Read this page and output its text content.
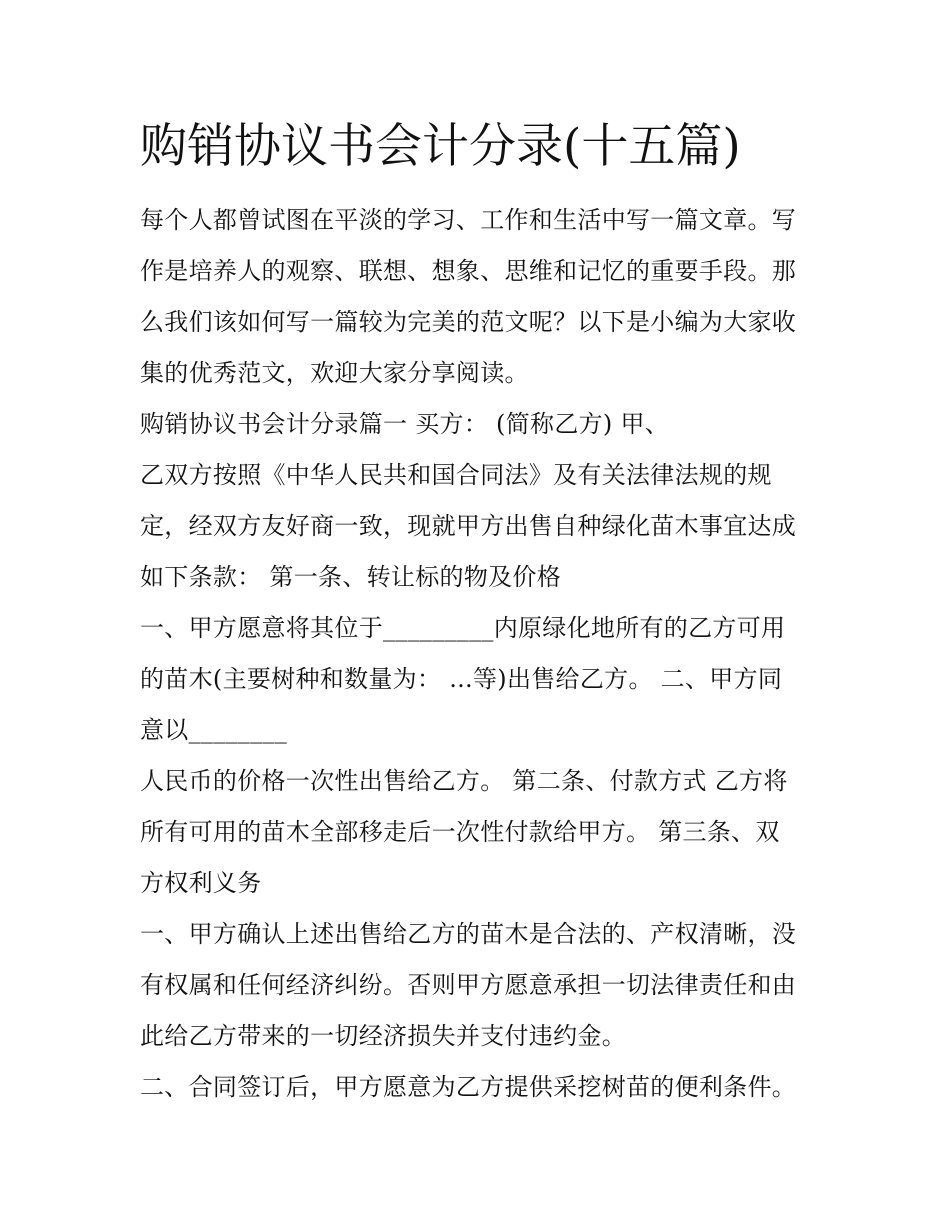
购销协议书会计分录(十五篇)
每个人都曾试图在平淡的学习、工作和生活中写一篇文章。写
作是培养人的观察、联想、想象、思维和记忆的重要手段。那
么我们该如何写一篇较为完美的范文呢？以下是小编为大家收
集的优秀范文，欢迎大家分享阅读。
购销协议书会计分录篇一 买方： (简称乙方) 甲、
乙双方按照《中华人民共和国合同法》及有关法律法规的规
定，经双方友好商一致，现就甲方出售自种绿化苗木事宜达成
如下条款： 第一条、转让标的物及价格
一、甲方愿意将其位于_________内原绿化地所有的乙方可用
的苗木(主要树种和数量为： ...等)出售给乙方。 二、甲方同
意以________
人民币的价格一次性出售给乙方。 第二条、付款方式 乙方将
所有可用的苗木全部移走后一次性付款给甲方。 第三条、双
方权利义务
一、甲方确认上述出售给乙方的苗木是合法的、产权清晰，没
有权属和任何经济纠纷。否则甲方愿意承担一切法律责任和由
此给乙方带来的一切经济损失并支付违约金。
二、合同签订后，甲方愿意为乙方提供采挖树苗的便利条件。
